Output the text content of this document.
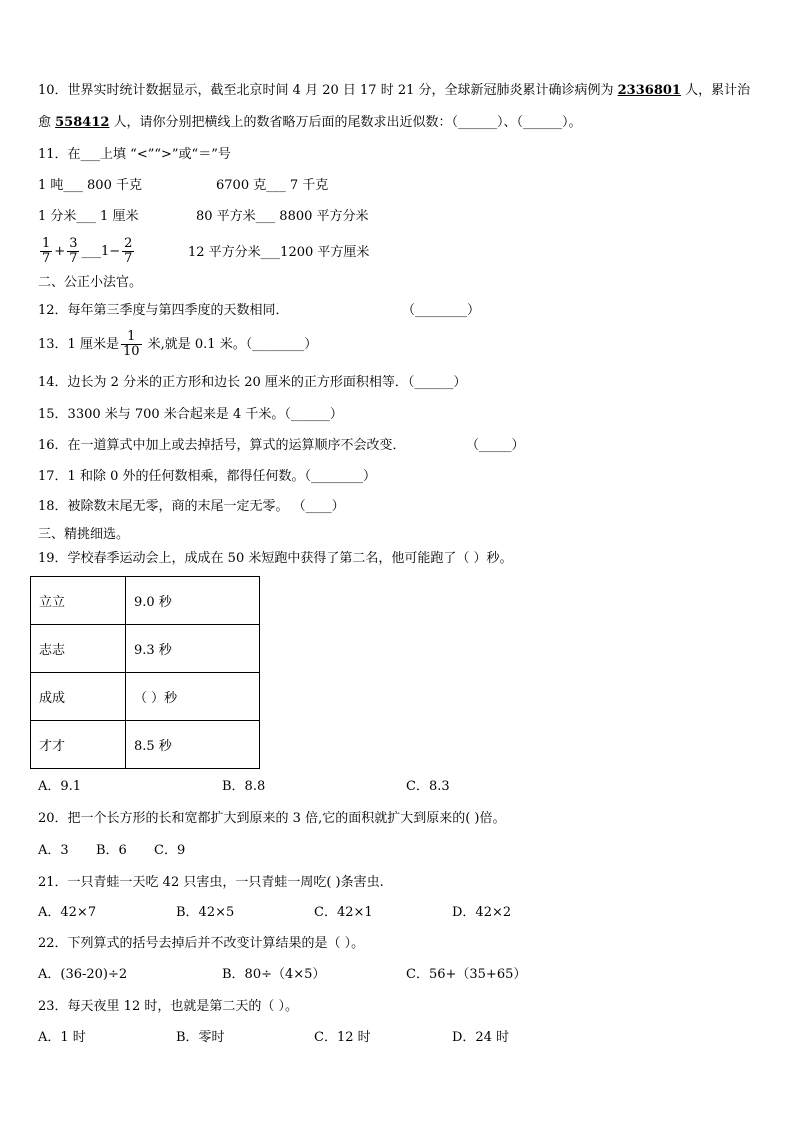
10．世界实时统计数据显示，截至北京时间 4 月 20 日 17 时 21 分，全球新冠肺炎累计确诊病例为 2336801 人，累计治
愈 558412 人，请你分别把横线上的数省略万后面的尾数求出近似数：（______）、（______）。
11．在___上填 “<”“>”或“＝”号
1 吨___ 800 千克	6700 克___ 7 千克
1 分米___ 1 厘米	80 平方米___ 8800 平方分米
$\frac{1}{7} + \frac{3}{7}$ ___1− $\frac{2}{7}$	12 平方分米___1200 平方厘米
二、公正小法官。
12．每年第三季度与第四季度的天数相同．	（________）
13．1 厘米是 $\frac{1}{10}$ 米,就是 0.1 米。（________）
14．边长为 2 分米的正方形和边长 20 厘米的正方形面积相等．（______）
15．3300 米与 700 米合起来是 4 千米。（______）
16．在一道算式中加上或去掉括号，算式的运算顺序不会改变．	（_____）
17．1 和除 0 外的任何数相乘，都得任何数。（________）
18．被除数末尾无零，商的末尾一定无零。 （____）
三、精挑细选。
19．学校春季运动会上，成成在 50 米短跑中获得了第二名，他可能跑了（ ）秒。
立立	9.0 秒
志志	9.3 秒
成成	（ ）秒
才才	8.5 秒
A．9.1	B．8.8	C．8.3
20．把一个长方形的长和宽都扩大到原来的 3 倍,它的面积就扩大到原来的( )倍。
A．3 B．6 C．9
21．一只青蛙一天吃 42 只害虫，一只青蛙一周吃( )条害虫.
A．42×7	B．42×5	C．42×1	D．42×2
22．下列算式的括号去掉后并不改变计算结果的是（ ）。
A．(36-20)÷2	B．80÷（4×5）	C．56+（35+65）
23．每天夜里 12 时，也就是第二天的（ ）。
A．1 时	B．零时	C．12 时	D．24 时
